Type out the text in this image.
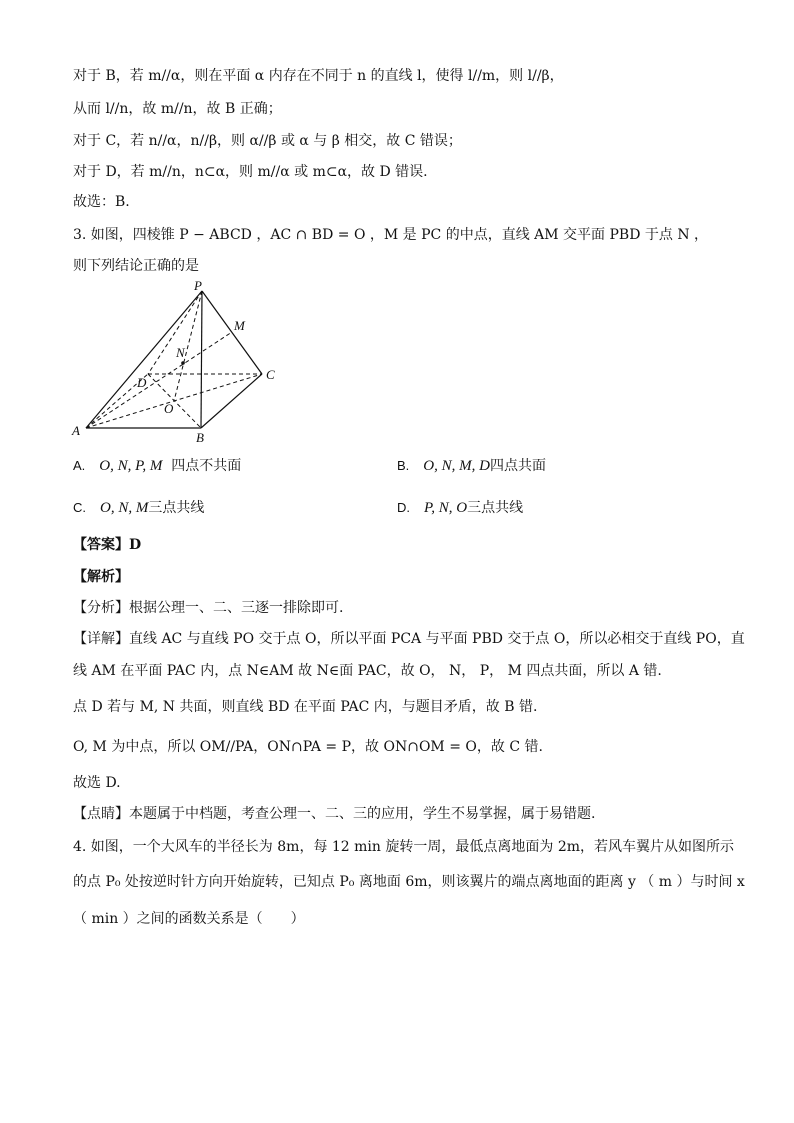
对于 B，若 m//α，则在平面 α 内存在不同于 n 的直线 l，使得 l//m，则 l//β，
从而 l//n，故 m//n，故 B 正确；
对于 C，若 n//α，n//β，则 α//β 或 α 与 β 相交，故 C 错误；
对于 D，若 m//n，n⊂α，则 m//α 或 m⊂α，故 D 错误.
故选：B.
3. 如图，四棱锥 P − ABCD ，AC ∩ BD = O ，M 是 PC 的中点，直线 AM 交平面 PBD 于点 N ，
则下列结论正确的是
P
M
N
D
C
O
A	B
A. O, N, P, M 四点不共面	B. O, N, M, D四点共面
C. O, N, M三点共线	D. P, N, O三点共线
【答案】D
【解析】
【分析】根据公理一、二、三逐一排除即可.
【详解】直线 AC 与直线 PO 交于点 O，所以平面 PCA 与平面 PBD 交于点 O，所以必相交于直线 PO，直
线 AM 在平面 PAC 内，点 N∈AM 故 N∈面 PAC，故 O， N， P， M 四点共面，所以 A 错.
点 D 若与 M, N 共面，则直线 BD 在平面 PAC 内，与题目矛盾，故 B 错.
O, M 为中点，所以 OM//PA，ON∩PA = P，故 ON∩OM = O，故 C 错.
故选 D.
【点睛】本题属于中档题，考查公理一、二、三的应用，学生不易掌握，属于易错题.
4. 如图，一个大风车的半径长为 8m，每 12 min 旋转一周，最低点离地面为 2m，若风车翼片从如图所示
的点 P₀ 处按逆时针方向开始旋转，已知点 P₀ 离地面 6m，则该翼片的端点离地面的距离 y （ m ）与时间 x
（ min ）之间的函数关系是（　　）
